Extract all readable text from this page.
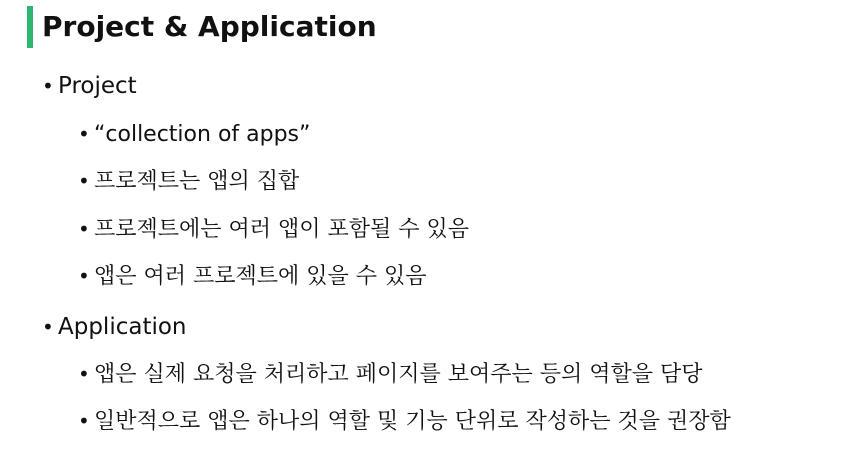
Project & Application
• Project
• “collection of apps”
• 프로젝트는 앱의 집합
• 프로젝트에는 여러 앱이 포함될 수 있음
• 앱은 여러 프로젝트에 있을 수 있음
• Application
• 앱은 실제 요청을 처리하고 페이지를 보여주는 등의 역할을 담당
• 일반적으로 앱은 하나의 역할 및 기능 단위로 작성하는 것을 권장함
